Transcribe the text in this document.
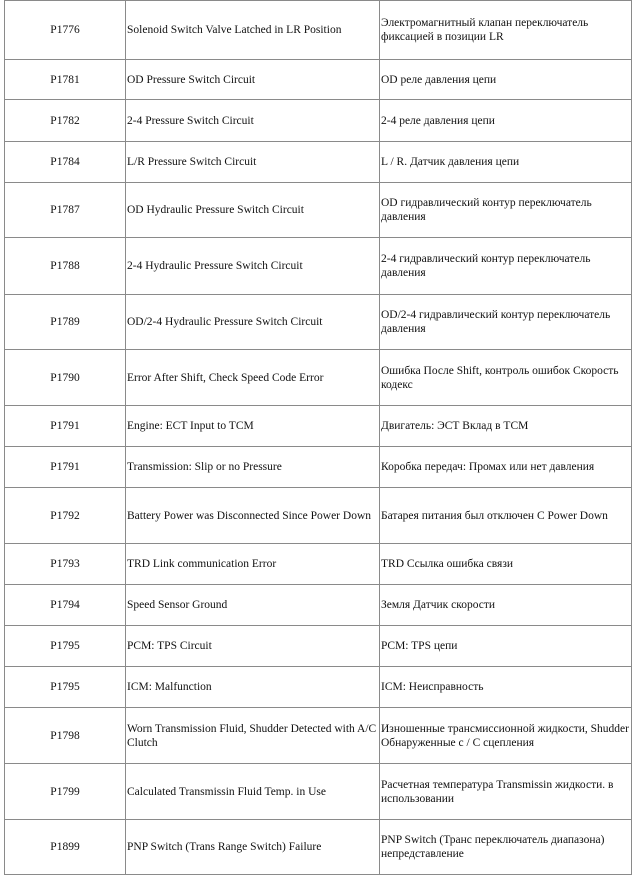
P1776	Solenoid Switch Valve Latched in LR Position	Электромагнитный клапан переключатель фиксацией в позиции LR
P1781	OD Pressure Switch Circuit	OD реле давления цепи
P1782	2-4 Pressure Switch Circuit	2-4 реле давления цепи
P1784	L/R Pressure Switch Circuit	L / R. Датчик давления цепи
P1787	OD Hydraulic Pressure Switch Circuit	OD гидравлический контур переключатель давления
P1788	2-4 Hydraulic Pressure Switch Circuit	2-4 гидравлический контур переключатель давления
P1789	OD/2-4 Hydraulic Pressure Switch Circuit	OD/2-4 гидравлический контур переключатель давления
P1790	Error After Shift, Check Speed Code Error	Ошибка После Shift, контроль ошибок Скорость кодекс
P1791	Engine: ECT Input to TCM	Двигатель: ЭСТ Вклад в ТСМ
P1791	Transmission: Slip or no Pressure	Коробка передач: Промах или нет давления
P1792	Battery Power was Disconnected Since Power Down	Батарея питания был отключен С Power Down
P1793	TRD Link communication Error	TRD Ссылка ошибка связи
P1794	Speed Sensor Ground	Земля Датчик скорости
P1795	PCM: TPS Circuit	PCM: TPS цепи
P1795	ICM: Malfunction	ICM: Неисправность
P1798	Worn Transmission Fluid, Shudder Detected with A/C Clutch	Изношенные трансмиссионной жидкости, Shudder Обнаруженные с / С сцепления
P1799	Calculated Transmissin Fluid Temp. in Use	Расчетная температура Transmissin жидкости. в использовании
P1899	PNP Switch (Trans Range Switch) Failure	PNP Switch (Транс переключатель диапазона) непредставление
